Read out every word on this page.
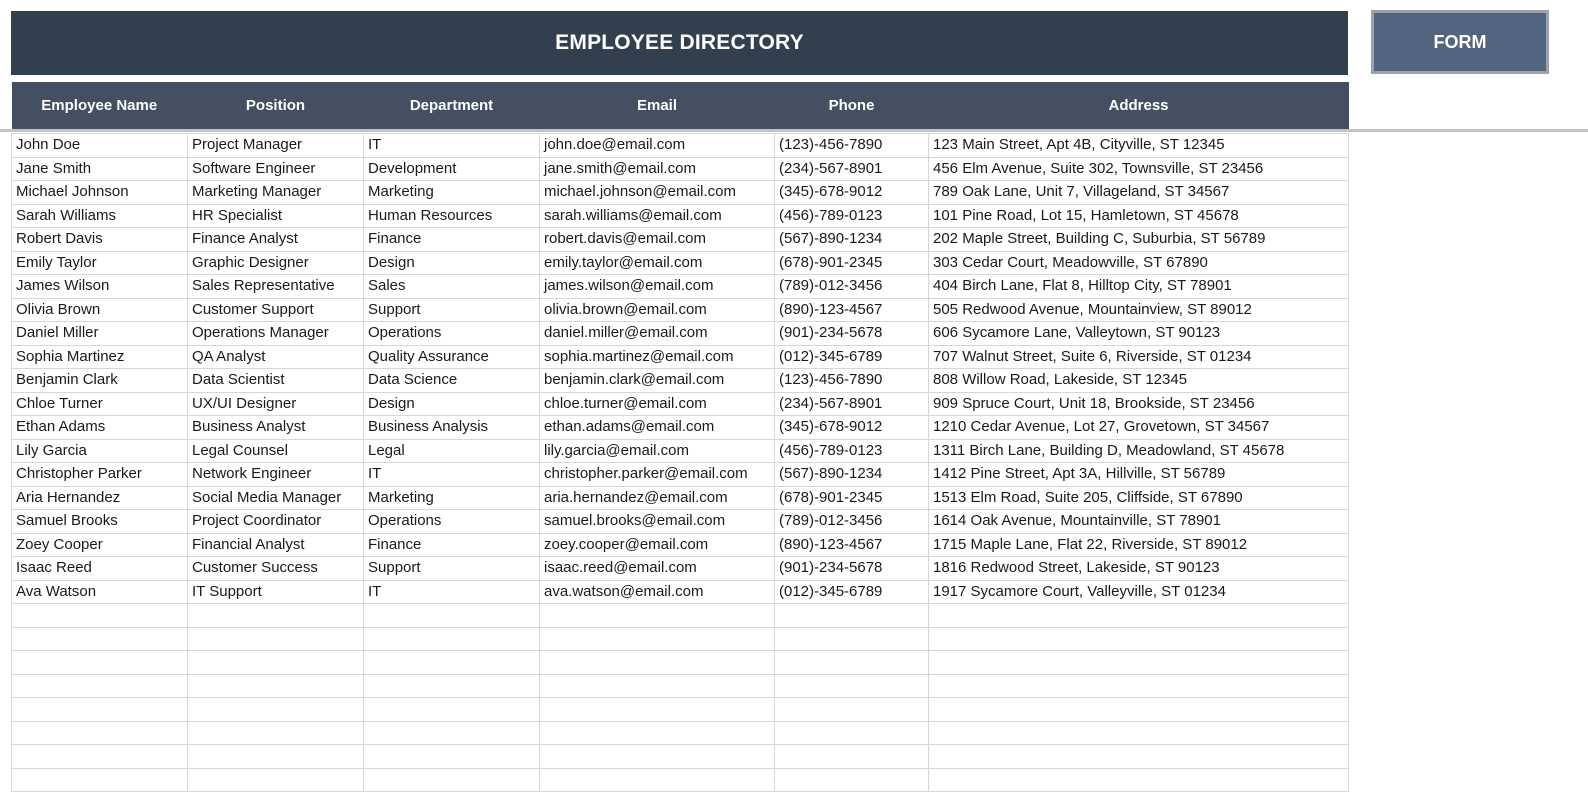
EMPLOYEE DIRECTORY	FORM
Employee Name	Position	Department	Email	Phone	Address

John Doe	Project Manager	IT	john.doe@email.com	(123)-456-7890	123 Main Street, Apt 4B, Cityville, ST 12345
Jane Smith	Software Engineer	Development	jane.smith@email.com	(234)-567-8901	456 Elm Avenue, Suite 302, Townsville, ST 23456
Michael Johnson	Marketing Manager	Marketing	michael.johnson@email.com	(345)-678-9012	789 Oak Lane, Unit 7, Villageland, ST 34567
Sarah Williams	HR Specialist	Human Resources	sarah.williams@email.com	(456)-789-0123	101 Pine Road, Lot 15, Hamletown, ST 45678
Robert Davis	Finance Analyst	Finance	robert.davis@email.com	(567)-890-1234	202 Maple Street, Building C, Suburbia, ST 56789
Emily Taylor	Graphic Designer	Design	emily.taylor@email.com	(678)-901-2345	303 Cedar Court, Meadowville, ST 67890
James Wilson	Sales Representative	Sales	james.wilson@email.com	(789)-012-3456	404 Birch Lane, Flat 8, Hilltop City, ST 78901
Olivia Brown	Customer Support	Support	olivia.brown@email.com	(890)-123-4567	505 Redwood Avenue, Mountainview, ST 89012
Daniel Miller	Operations Manager	Operations	daniel.miller@email.com	(901)-234-5678	606 Sycamore Lane, Valleytown, ST 90123
Sophia Martinez	QA Analyst	Quality Assurance	sophia.martinez@email.com	(012)-345-6789	707 Walnut Street, Suite 6, Riverside, ST 01234
Benjamin Clark	Data Scientist	Data Science	benjamin.clark@email.com	(123)-456-7890	808 Willow Road, Lakeside, ST 12345
Chloe Turner	UX/UI Designer	Design	chloe.turner@email.com	(234)-567-8901	909 Spruce Court, Unit 18, Brookside, ST 23456
Ethan Adams	Business Analyst	Business Analysis	ethan.adams@email.com	(345)-678-9012	1210 Cedar Avenue, Lot 27, Grovetown, ST 34567
Lily Garcia	Legal Counsel	Legal	lily.garcia@email.com	(456)-789-0123	1311 Birch Lane, Building D, Meadowland, ST 45678
Christopher Parker	Network Engineer	IT	christopher.parker@email.com	(567)-890-1234	1412 Pine Street, Apt 3A, Hillville, ST 56789
Aria Hernandez	Social Media Manager	Marketing	aria.hernandez@email.com	(678)-901-2345	1513 Elm Road, Suite 205, Cliffside, ST 67890
Samuel Brooks	Project Coordinator	Operations	samuel.brooks@email.com	(789)-012-3456	1614 Oak Avenue, Mountainville, ST 78901
Zoey Cooper	Financial Analyst	Finance	zoey.cooper@email.com	(890)-123-4567	1715 Maple Lane, Flat 22, Riverside, ST 89012
Isaac Reed	Customer Success	Support	isaac.reed@email.com	(901)-234-5678	1816 Redwood Street, Lakeside, ST 90123
Ava Watson	IT Support	IT	ava.watson@email.com	(012)-345-6789	1917 Sycamore Court, Valleyville, ST 01234
